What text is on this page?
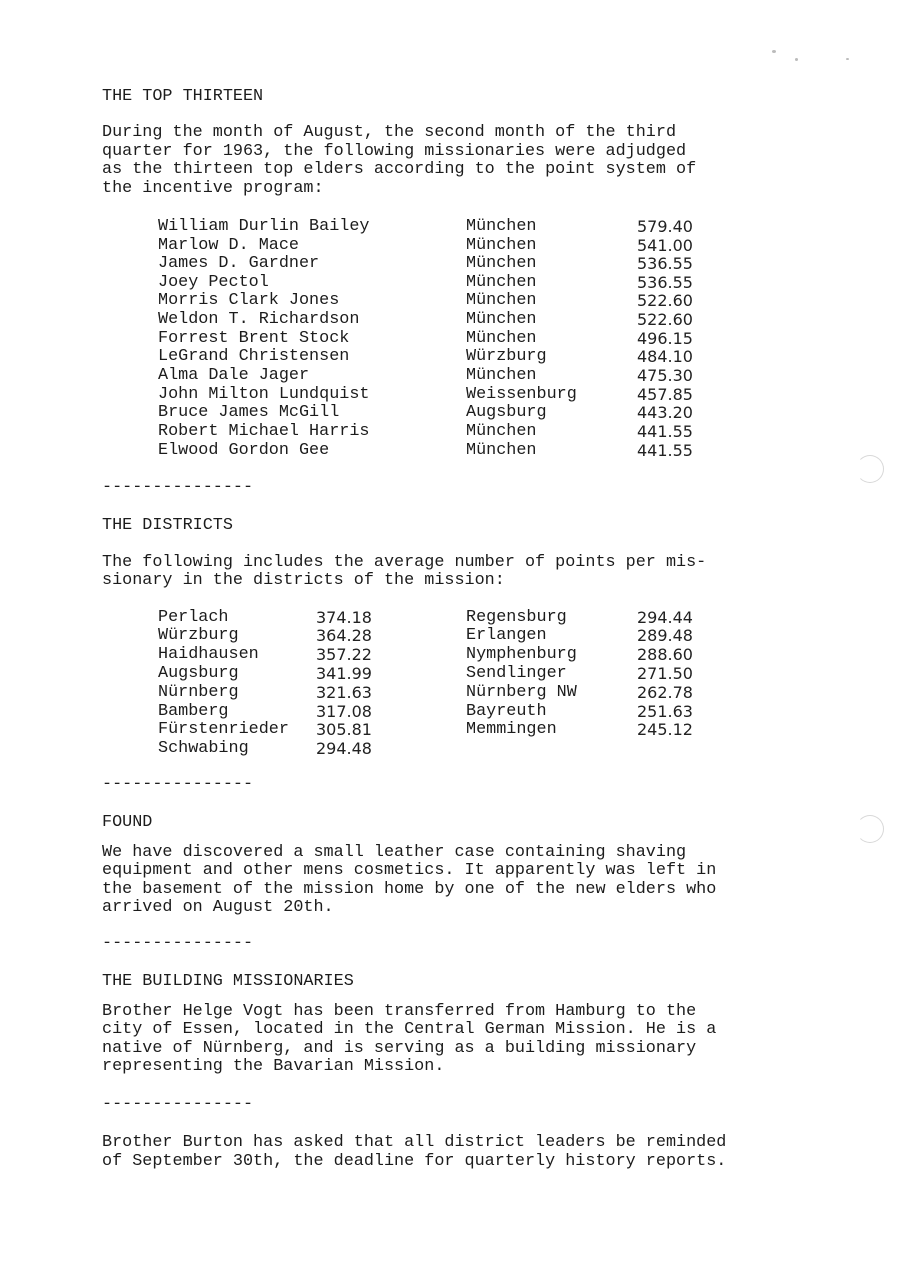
THE TOP THIRTEEN
During the month of August, the second month of the third
quarter for 1963, the following missionaries were adjudged
as the thirteen top elders according to the point system of
the incentive program:
William Durlin Bailey	München	579.40
Marlow D. Mace	München	541.00
James D. Gardner	München	536.55
Joey Pectol	München	536.55
Morris Clark Jones	München	522.60
Weldon T. Richardson	München	522.60
Forrest Brent Stock	München	496.15
LeGrand Christensen	Würzburg	484.10
Alma Dale Jager	München	475.30
John Milton Lundquist	Weissenburg	457.85
Bruce James McGill	Augsburg	443.20
Robert Michael Harris	München	441.55
Elwood Gordon Gee	München	441.55
---------------
THE DISTRICTS
The following includes the average number of points per mis-
sionary in the districts of the mission:
Perlach	374.18	Regensburg	294.44
Würzburg	364.28	Erlangen	289.48
Haidhausen	357.22	Nymphenburg	288.60
Augsburg	341.99	Sendlinger	271.50
Nürnberg	321.63	Nürnberg NW	262.78
Bamberg	317.08	Bayreuth	251.63
Fürstenrieder 305.81	Memmingen	245.12
Schwabing	294.48
---------------
FOUND
We have discovered a small leather case containing shaving
equipment and other mens cosmetics. It apparently was left in
the basement of the mission home by one of the new elders who
arrived on August 20th.
---------------
THE BUILDING MISSIONARIES
Brother Helge Vogt has been transferred from Hamburg to the
city of Essen, located in the Central German Mission. He is a
native of Nürnberg, and is serving as a building missionary
representing the Bavarian Mission.
---------------
Brother Burton has asked that all district leaders be reminded
of September 30th, the deadline for quarterly history reports.
